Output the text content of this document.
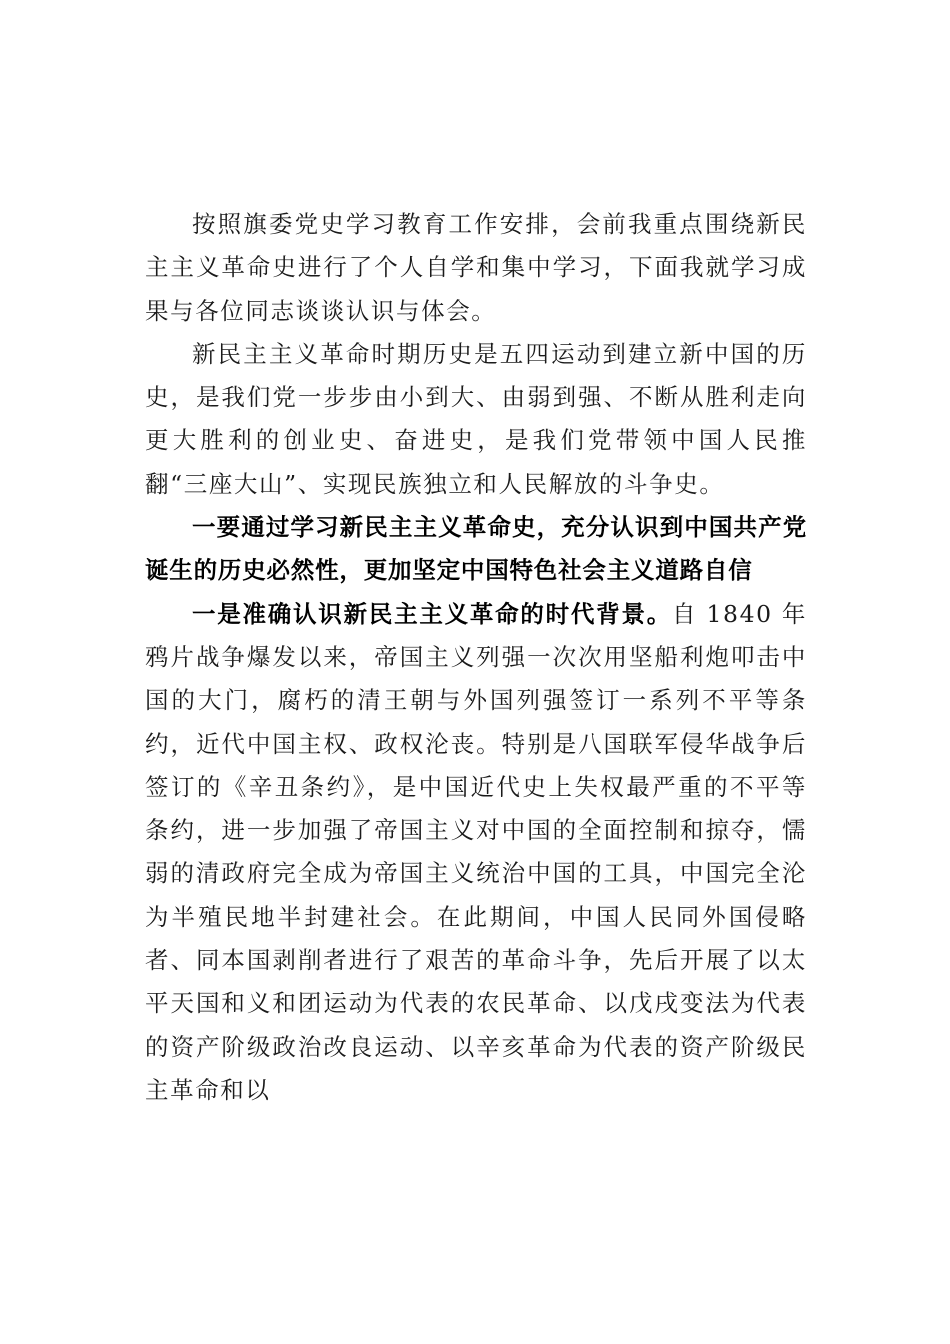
按照旗委党史学习教育工作安排，会前我重点围绕新民主主义革命史进行了个人自学和集中学习，下面我就学习成果与各位同志谈谈认识与体会。

新民主主义革命时期历史是五四运动到建立新中国的历史，是我们党一步步由小到大、由弱到强、不断从胜利走向更大胜利的创业史、奋进史，是我们党带领中国人民推翻“三座大山”、实现民族独立和人民解放的斗争史。

一要通过学习新民主主义革命史，充分认识到中国共产党诞生的历史必然性，更加坚定中国特色社会主义道路自信

一是准确认识新民主主义革命的时代背景。自 1840 年鸦片战争爆发以来，帝国主义列强一次次用坚船利炮叩击中国的大门，腐朽的清王朝与外国列强签订一系列不平等条约，近代中国主权、政权沦丧。特别是八国联军侵华战争后签订的《辛丑条约》，是中国近代史上失权最严重的不平等条约，进一步加强了帝国主义对中国的全面控制和掠夺，懦弱的清政府完全成为帝国主义统治中国的工具，中国完全沦为半殖民地半封建社会。在此期间，中国人民同外国侵略者、同本国剥削者进行了艰苦的革命斗争，先后开展了以太平天国和义和团运动为代表的农民革命、以戊戌变法为代表的资产阶级政治改良运动、以辛亥革命为代表的资产阶级民主革命和以
